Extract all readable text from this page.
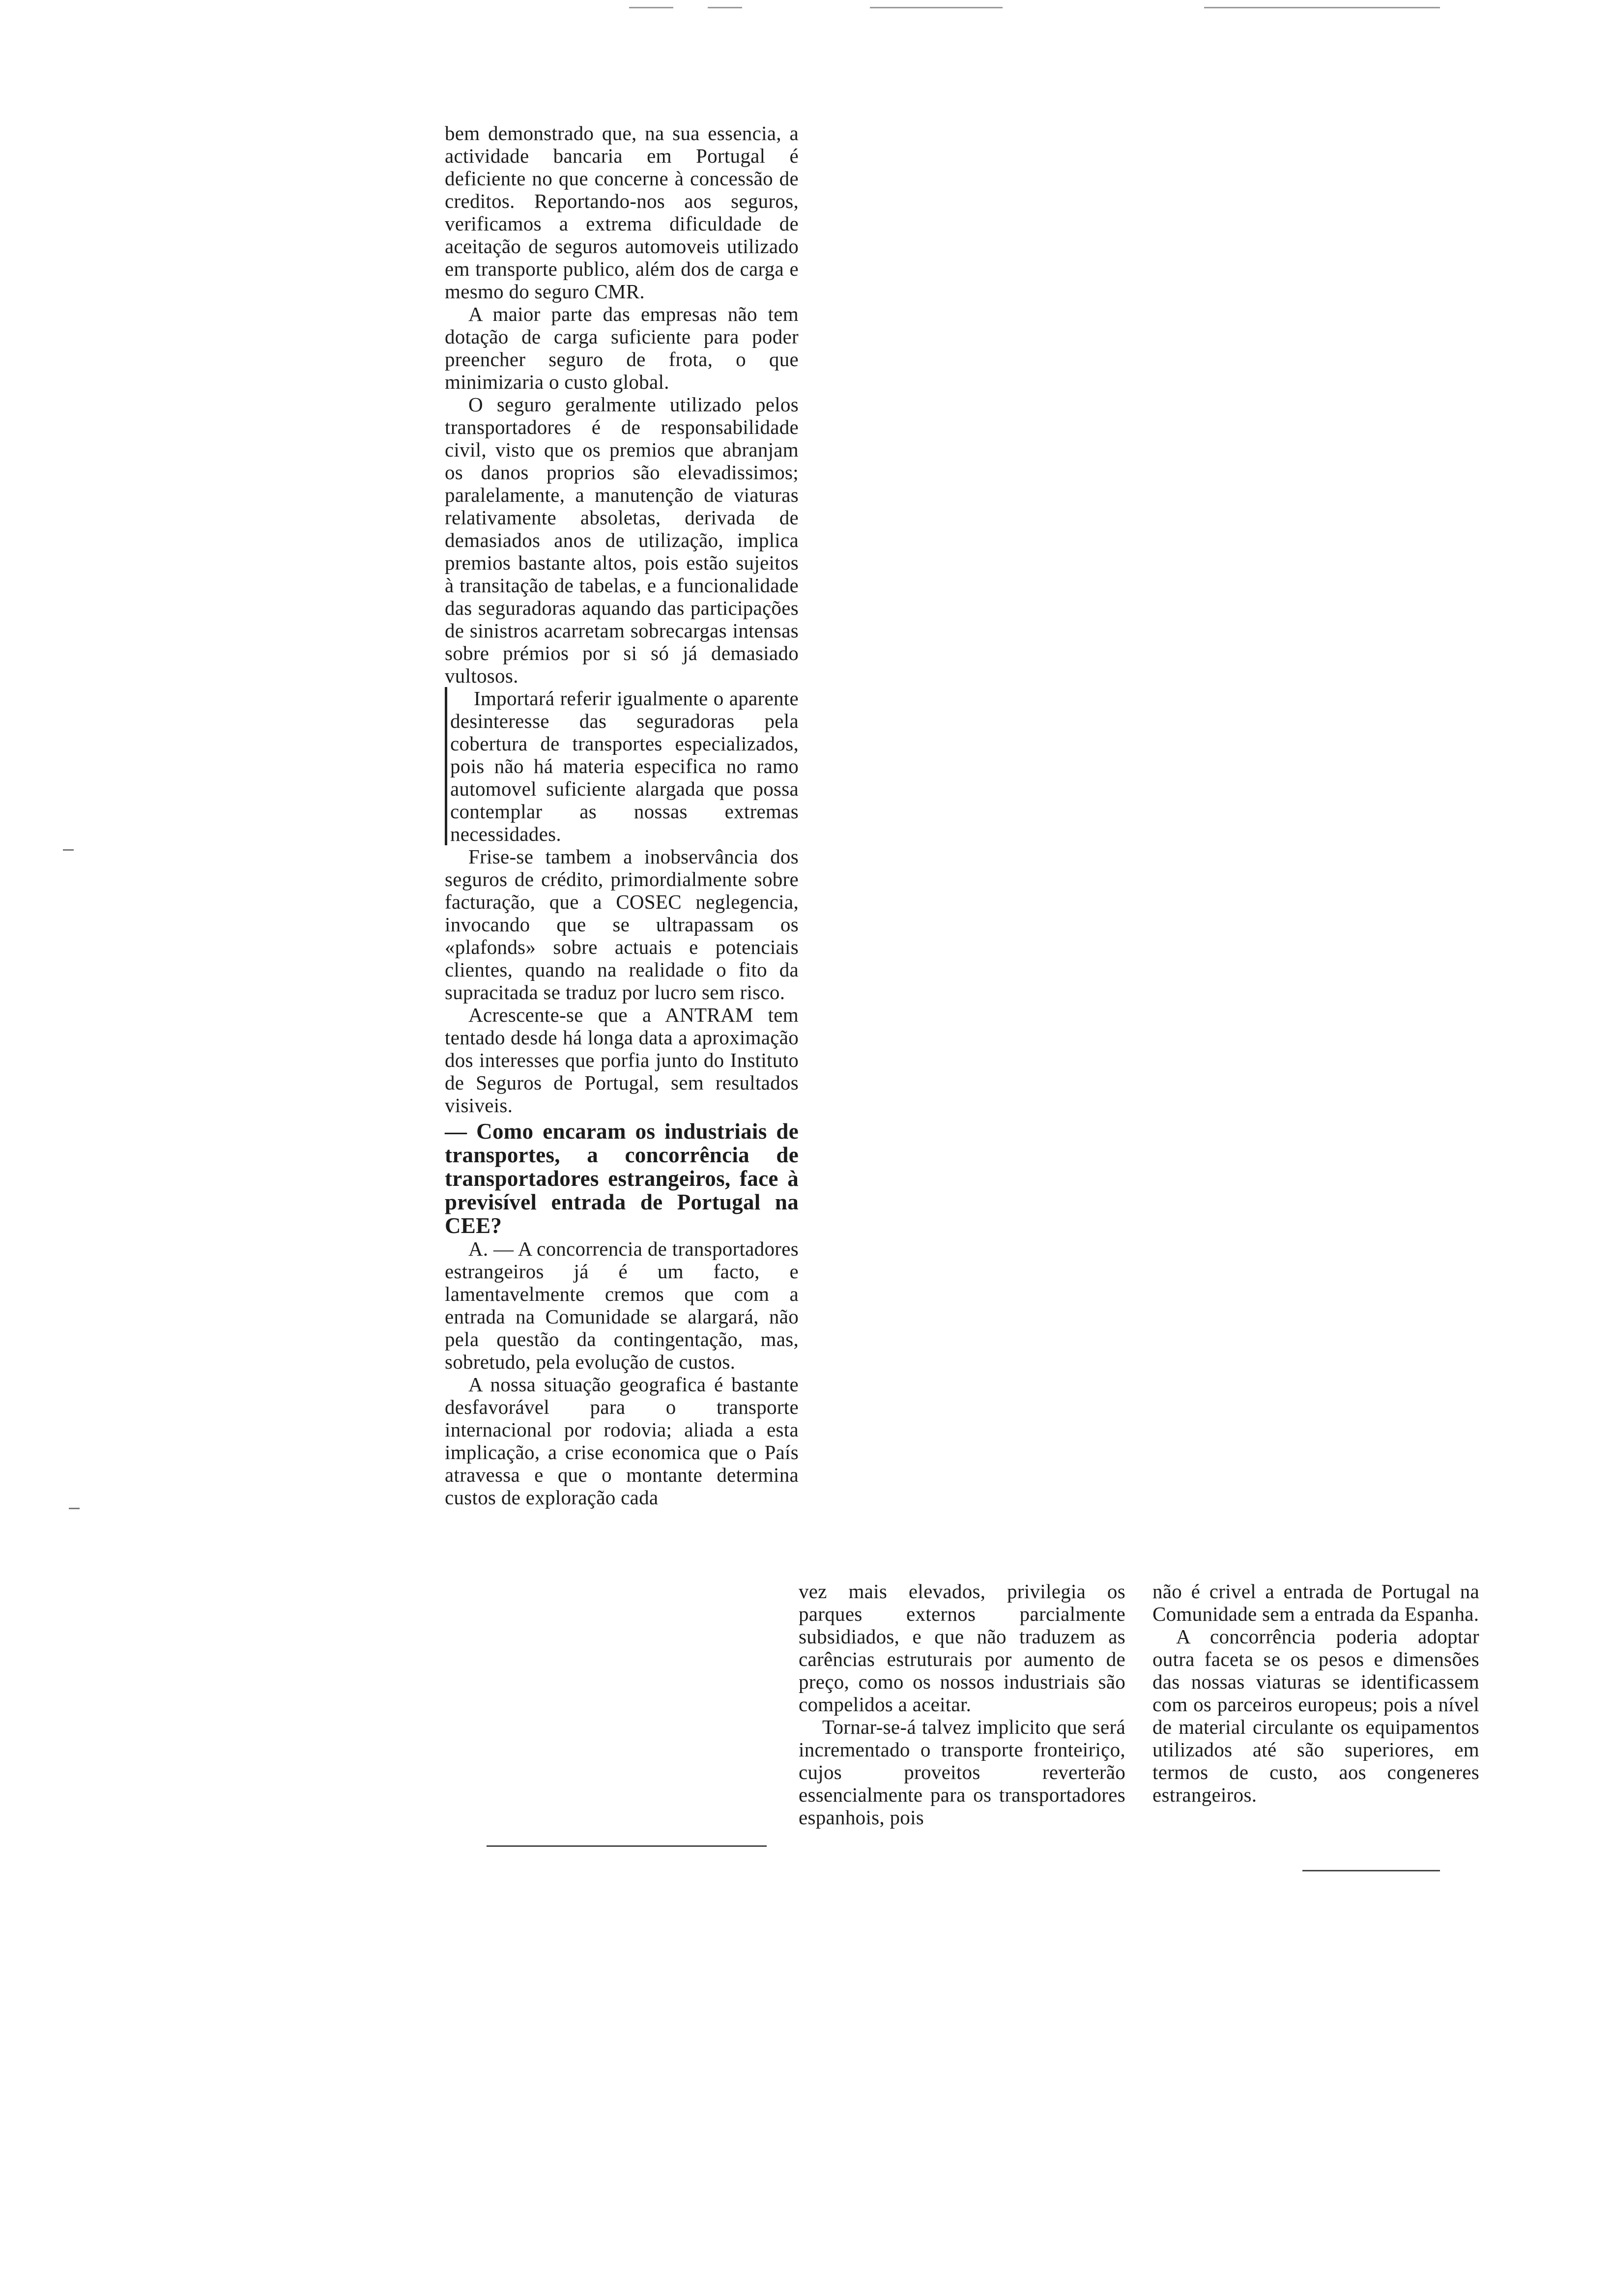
bem demonstrado que, na sua essencia, a actividade bancaria em Portugal é deficiente no que concerne à concessão de creditos. Reportando-nos aos seguros, verificamos a extrema dificuldade de aceitação de seguros automoveis utilizado em transporte publico, além dos de carga e mesmo do seguro CMR.

A maior parte das empresas não tem dotação de carga suficiente para poder preencher seguro de frota, o que minimizaria o custo global.

O seguro geralmente utilizado pelos transportadores é de responsabilidade civil, visto que os premios que abranjam os danos proprios são elevadissimos; paralelamente, a manutenção de viaturas relativamente absoletas, derivada de demasiados anos de utilização, implica premios bastante altos, pois estão sujeitos à transitação de tabelas, e a funcionalidade das seguradoras aquando das participações de sinistros acarretam sobrecargas intensas sobre prémios por si só já demasiado vultosos.

Importará referir igualmente o aparente desinteresse das seguradoras pela cobertura de transportes especializados, pois não há materia especifica no ramo automovel suficiente alargada que possa contemplar as nossas extremas necessidades.

Frise-se tambem a inobservância dos seguros de crédito, primordialmente sobre facturação, que a COSEC neglegencia, invocando que se ultrapassam os «plafonds» sobre actuais e potenciais clientes, quando na realidade o fito da supracitada se traduz por lucro sem risco.

Acrescente-se que a ANTRAM tem tentado desde há longa data a aproximação dos interesses que porfia junto do Instituto de Seguros de Portugal, sem resultados visiveis.

— Como encaram os industriais de transportes, a concorrência de transportadores estrangeiros, face à previsível entrada de Portugal na CEE?

A. — A concorrencia de transportadores estrangeiros já é um facto, e lamentavelmente cremos que com a entrada na Comunidade se alargará, não pela questão da contingentação, mas, sobretudo, pela evolução de custos.

A nossa situação geografica é bastante desfavorável para o transporte internacional por rodovia; aliada a esta implicação, a crise economica que o País atravessa e que o montante determina custos de exploração cada

vez mais elevados, privilegia os parques externos parcialmente subsidiados, e que não traduzem as carências estruturais por aumento de preço, como os nossos industriais são compelidos a aceitar.

Tornar-se-á talvez implicito que será incrementado o transporte fronteiriço, cujos proveitos reverterão essencialmente para os transportadores espanhois, pois

não é crivel a entrada de Portugal na Comunidade sem a entrada da Espanha.

A concorrência poderia adoptar outra faceta se os pesos e dimensões das nossas viaturas se identificassem com os parceiros europeus; pois a nível de material circulante os equipamentos utilizados até são superiores, em termos de custo, aos congeneres estrangeiros.
